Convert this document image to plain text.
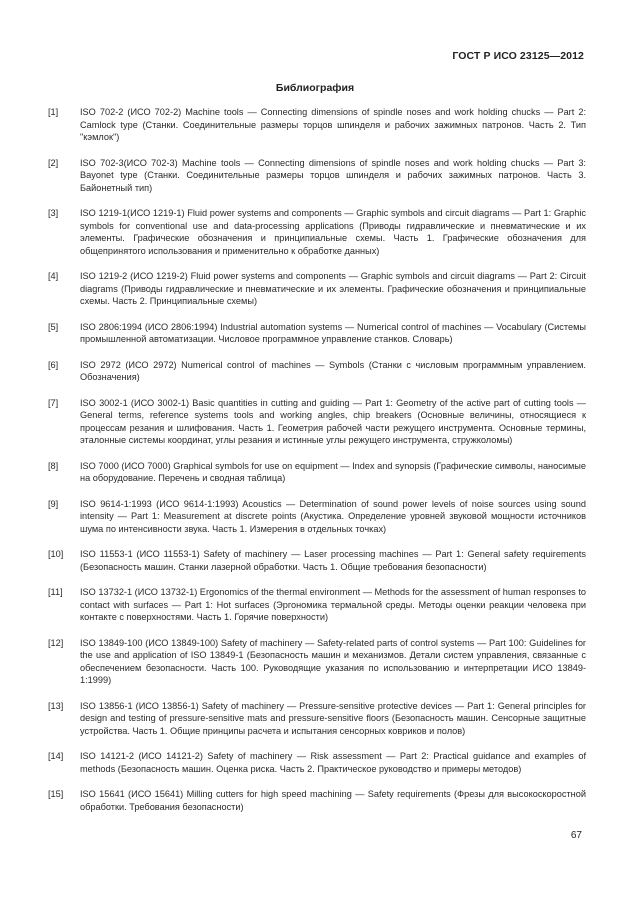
ГОСТ Р ИСО 23125—2012
Библиография
[1]	ISO 702-2 (ИСО 702-2) Machine tools — Connecting dimensions of spindle noses and work holding chucks — Part 2: Camlock type (Станки. Соединительные размеры торцов шпинделя и рабочих зажимных патронов. Часть 2. Тип "кэмлок")
[2]	ISO 702-3(ИСО 702-3) Machine tools — Connecting dimensions of spindle noses and work holding chucks — Part 3: Bayonet type (Станки. Соединительные размеры торцов шпинделя и рабочих зажимных патронов. Часть 3. Байонетный тип)
[3]	ISO 1219-1(ИСО 1219-1) Fluid power systems and components — Graphic symbols and circuit diagrams — Part 1: Graphic symbols for conventional use and data-processing applications (Приводы гидравлические и пневматические и их элементы. Графические обозначения и принципиальные схемы. Часть 1. Графические обозначения для общепринятого использования и применительно к обработке данных)
[4]	ISO 1219-2 (ИСО 1219-2) Fluid power systems and components — Graphic symbols and circuit diagrams — Part 2: Circuit diagrams (Приводы гидравлические и пневматические и их элементы. Графические обозначения и принципиальные схемы. Часть 2. Принципиальные схемы)
[5]	ISO 2806:1994 (ИСО 2806:1994) Industrial automation systems — Numerical control of machines — Vocabulary (Системы промышленной автоматизации. Числовое программное управление станков. Словарь)
[6]	ISO 2972 (ИСО 2972) Numerical control of machines — Symbols (Станки с числовым программным управлением. Обозначения)
[7]	ISO 3002-1 (ИСО 3002-1) Basic quantities in cutting and guiding — Part 1: Geometry of the active part of cutting tools — General terms, reference systems tools and working angles, chip breakers (Основные величины, относящиеся к процессам резания и шлифования. Часть 1. Геометрия рабочей части режущего инструмента. Основные термины, эталонные системы координат, углы резания и истинные углы режущего инструмента, стружколомы)
[8]	ISO 7000 (ИСО 7000) Graphical symbols for use on equipment — Index and synopsis (Графические символы, наносимые на оборудование. Перечень и сводная таблица)
[9]	ISO 9614-1:1993 (ИСО 9614-1:1993) Acoustics — Determination of sound power levels of noise sources using sound intensity — Part 1: Measurement at discrete points (Акустика. Определение уровней звуковой мощности источников шума по интенсивности звука. Часть 1. Измерения в отдельных точках)
[10]	ISO 11553-1 (ИСО 11553-1) Safety of machinery — Laser processing machines — Part 1: General safety requirements (Безопасность машин. Станки лазерной обработки. Часть 1. Общие требования безопасности)
[11]	ISO 13732-1 (ИСО 13732-1) Ergonomics of the thermal environment — Methods for the assessment of human responses to contact with surfaces — Part 1: Hot surfaces (Эргономика термальной среды. Методы оценки реакции человека при контакте с поверхностями. Часть 1. Горячие поверхности)
[12]	ISO 13849-100 (ИСО 13849-100) Safety of machinery — Safety-related parts of control systems — Part 100: Guidelines for the use and application of ISO 13849-1 (Безопасность машин и механизмов. Детали систем управления, связанные с обеспечением безопасности. Часть 100. Руководящие указания по использованию и интерпретации ИСО 13849-1:1999)
[13]	ISO 13856-1 (ИСО 13856-1) Safety of machinery — Pressure-sensitive protective devices — Part 1: General principles for design and testing of pressure-sensitive mats and pressure-sensitive floors (Безопасность машин. Сенсорные защитные устройства. Часть 1. Общие принципы расчета и испытания сенсорных ковриков и полов)
[14]	ISO 14121-2 (ИСО 14121-2) Safety of machinery — Risk assessment — Part 2: Practical guidance and examples of methods (Безопасность машин. Оценка риска. Часть 2. Практическое руководство и примеры методов)
[15]	ISO 15641 (ИСО 15641) Milling cutters for high speed machining — Safety requirements (Фрезы для высокоскоростной обработки. Требования безопасности)
67
